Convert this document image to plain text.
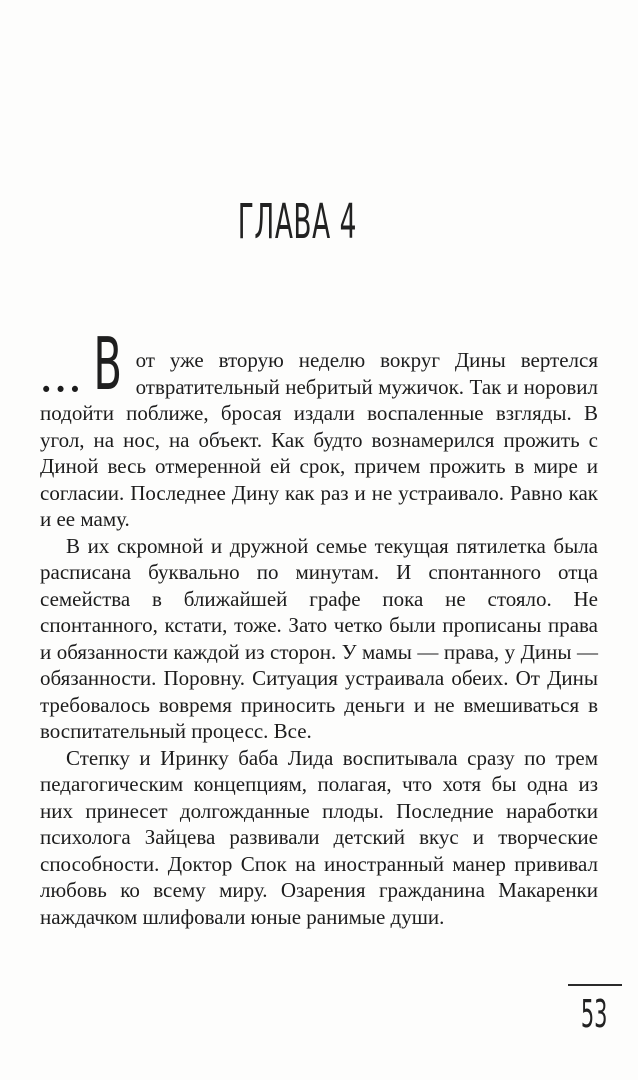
ГЛАВА 4

••• В от уже вторую неделю вокруг Дины вертелся отвратительный небритый мужичок. Так и норовил подойти поближе, бросая издали воспаленные взгляды. В угол, на нос, на объект. Как будто вознамерился прожить с Диной весь отмеренной ей срок, причем прожить в мире и согласии. Последнее Дину как раз и не устраивало. Равно как и ее маму.

В их скромной и дружной семье текущая пятилетка была расписана буквально по минутам. И спонтанного отца семейства в ближайшей графе пока не стояло. Не спонтанного, кстати, тоже. Зато четко были прописаны права и обязанности каждой из сторон. У мамы — права, у Дины — обязанности. Поровну. Ситуация устраивала обеих. От Дины требовалось вовремя приносить деньги и не вмешиваться в воспитательный процесс. Все.

Степку и Иринку баба Лида воспитывала сразу по трем педагогическим концепциям, полагая, что хотя бы одна из них принесет долгожданные плоды. Последние наработки психолога Зайцева развивали детский вкус и творческие способности. Доктор Спок на иностранный манер прививал любовь ко всему миру. Озарения гражданина Макаренки наждачком шлифовали юные ранимые души.

53
